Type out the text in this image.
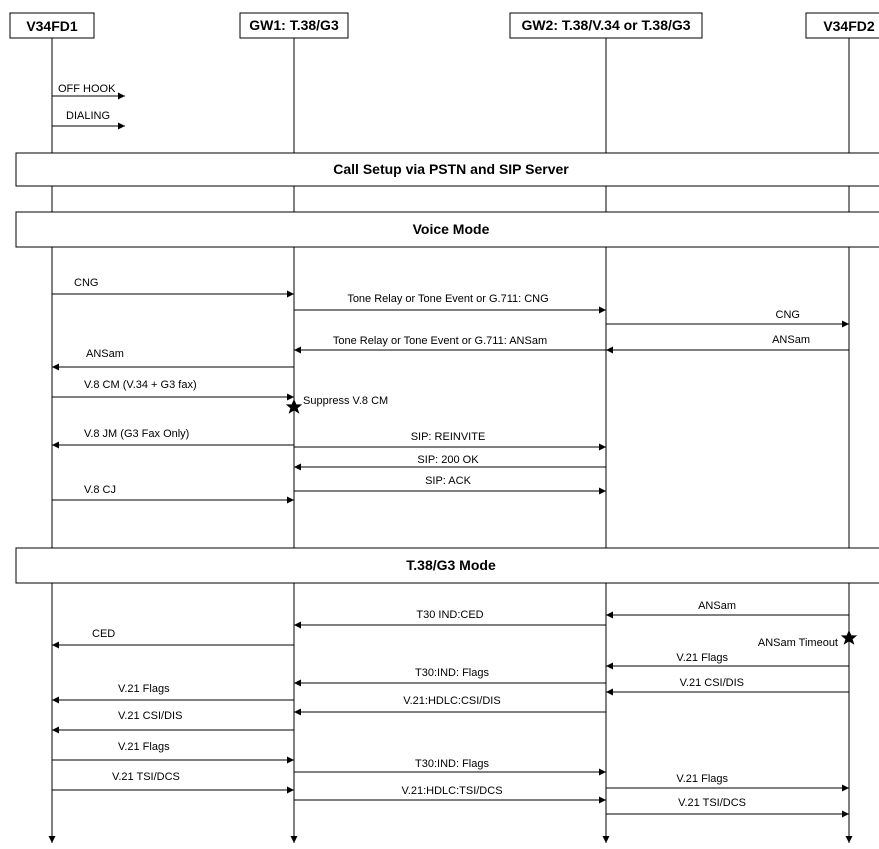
V34FD1	GW1: T.38/G3	GW2: T.38/V.34 or T.38/G3	V34FD2
Call Setup via PSTN and SIP Server
Voice Mode
T.38/G3 Mode
OFF HOOK
DIALING
CNG
Tone Relay or Tone Event or G.711: CNG
CNG
ANSam
Tone Relay or Tone Event or G.711: ANSam
ANSam
V.8 CM (V.34 + G3 fax)
V.8 JM (G3 Fax Only)	SIP: REINVITE
SIP: 200 OK
SIP: ACK
V.8 CJ
ANSam
T30 IND:CED
CED
V.21 Flags
T30:IND: Flags
V.21 CSI/DIS
V.21 Flags
V.21:HDLC:CSI/DIS
V.21 CSI/DIS
V.21 Flags
T30:IND: Flags
V.21 TSI/DCS	V.21 Flags
V.21:HDLC:TSI/DCS
V.21 TSI/DCS
Suppress V.8 CM
ANSam Timeout
